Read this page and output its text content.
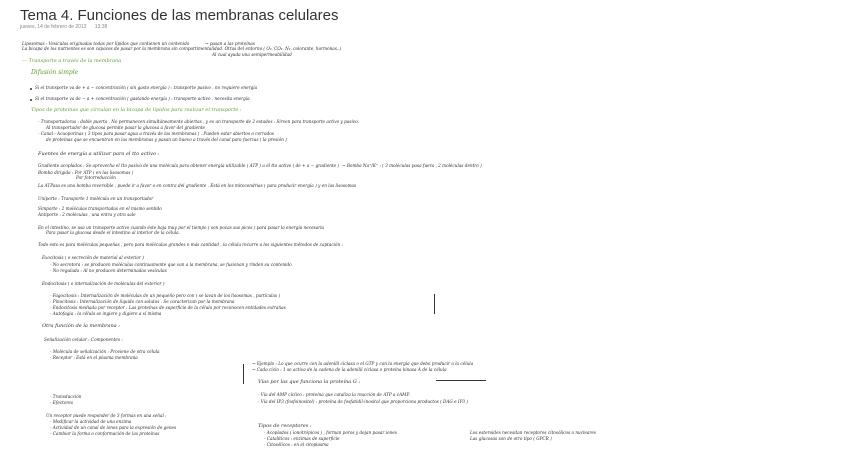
Tema 4. Funciones de las membranas celulares
jueves, 14 de febrero de 2013 13:38
Liposomas : Vesículas originadas todas por lípidos que contienen un contenido	→ pasan a las proteínas
La bicapa de los nutrientes es son capaces de pasar por la membrana sin compartimentalidad. Otras del entorno ( O₂, CO₂, N₂, colorante, hormonas..)
Al cual ayuda una semipermeabilidad
— Transporte a través de la membrana
Difusión simple
Si el transporte va de + a − concentración ( sin gasto energía ) : transporte pasivo , no requiere energía
Si el transporte va de − a + concentración ( gastando energía ) : transporte activo , necesita energía
Tipos de proteínas que circulan en la bicapa de lípidos para realizar el transporte :
- Transportadoras : doble puerta , No permanecen simultáneamente abiertas , y es un transporte de 2 estados : Sirven para transporte activo y pasivo.
Al transportador de glucosa permite pasar la glucosa a favor del gradiente
- Canal : Acuoporinas ( 3 tipos para pasar agua a través de las membranas ) . Pueden estar abiertos o cerrados
de proteínas que se encuentran en las membranas y pasan un huevo a través del canal para fuerzas ( la presión )
Fuentes de energía a utilizar para el tto activo :
Gradiente acoplados : Se aprovecha el tto pasivo de una molécula para obtener energía utilizable ( ATP ) a él tto activo ( de + a − gradiente ) → Bomba Na⁺/K⁺ : ( 3 moléculas pasa fuera , 2 moléculas dentro )
Bomba dirigida : Por ATP ( en las lisosomas )
Por fotorreducción
La ATPasa es una bomba reversible , puede ir a favor o en contra del gradiente . Está en los mitocondrias ( para producir energía ) y en las lisosomas
Uniporte : Transporte 1 molécula en un transportador
Simporte : 2 moléculas transportadas en el mismo sentido
Antiporte : 2 moléculas , una entra y otra sale
En el intestino, se usa un transporte activo cuando éste baja muy por el tiempo ( son pocas sus picos ) para pasar la energía necesaria
Para pasar la glucosa desde el intestino al interior de la célula.
Todo esto es para moléculas pequeñas , pero para moléculas grandes o más cantidad , la célula recurre a los siguientes métodos de captación :
Exocitosis ( o secreción de material al exterior )
- No secretora : se producen moléculas continuamente que van a la membrana, se fusionan y rinden su contenido
- No regulada : Al no producen determinadas vesículas
Endocitosis ( o internalización de moléculas del exterior )
- Fagocitosis : Internalización de moléculas de un pequeño pero con ( se lavan de los lisosomas , partículas )
- Pinocitosis : Internalización de líquido con solutos . Se caracterizan por la membrana
- Endocitosis mediada por receptor : Las proteínas de superficie de la célula por reconocen entidades extrañas
- Autofagia : la célula se ingiere y digiere a sí misma
Otra función de la membrana :
Señalización celular : Componentes :
- Molécula de señalización : Proviene de otra célula
- Receptor : Está en el plasma membrana
- Transducción
- Efectores
Un receptor puede responder de 3 formas en una señal :
- Modificar la actividad de una enzima
- Actividad de un canal de iones para la expresión de genes
- Cambiar la forma o conformación de las proteínas
→ Ejemplo : Lo que ocurre con la adenilil ciclasa o el GTP y con la energía que debe producir a la célula
→ Cada ciclo : 1 se activa de la cadena de la adenilil ciclasa o proteína kinasa A de la célula
Vías por las que funciona la proteína G :
- Vía del AMP cíclico : proteína que cataliza la reacción de ATP a cAMP.
- Vía del IP3 (fosfoinositol) : proteína de fosfatidil-inositol que proporciona productos ( DAG e IP3 )
Tipos de receptores :
- Acoplados ( ionotrópicos ) , forman poros y dejan pasar iones
- Catalíticos : enzimas de superficie
- Citosólicos : en el citoplasma
Los esteroides necesitan receptores citosólicos o nucleares
Las glucosas son de otro tipo ( GPCR )
